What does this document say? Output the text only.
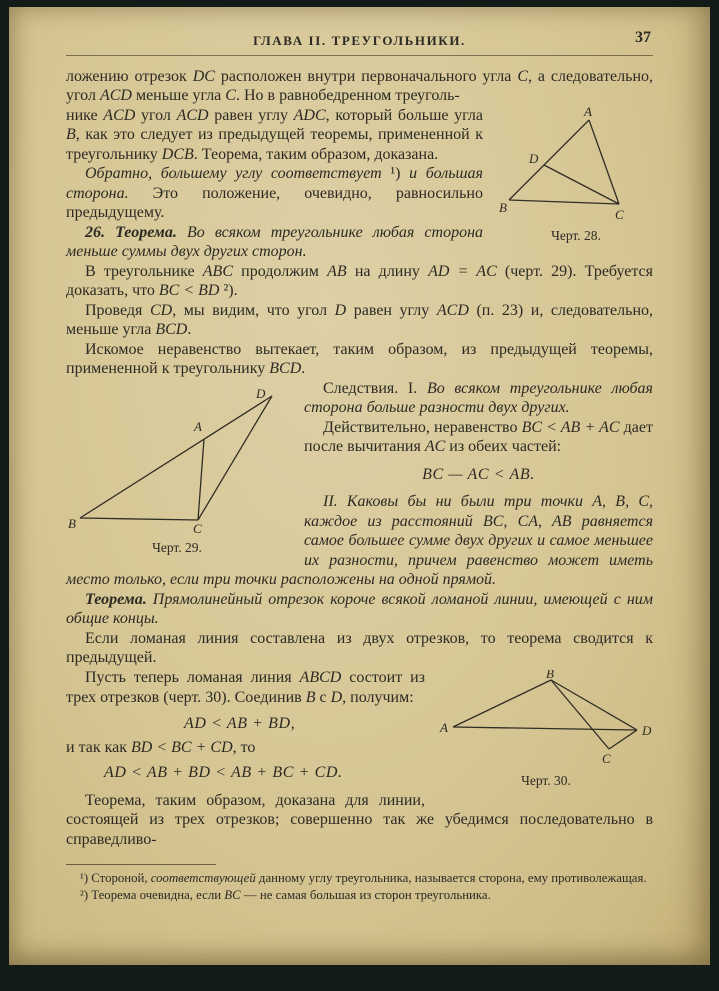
ГЛАВА II. ТРЕУГОЛЬНИКИ.	37

ложению отрезок DC расположен внутри первоначального угла C, а следовательно, угол ACD меньше угла C. Но в равнобедренном треуголь-

A
B	C
D
Черт. 28.

нике ACD угол ACD равен углу ADC, который больше угла B, как это следует из предыдущей теоремы, примененной к треугольнику DCB. Теорема, таким образом, доказана.

Обратно, большему углу соответствует ¹) и большая сторона. Это положение, очевидно, равносильно предыдущему.

26. Теорема. Во всяком треугольнике любая сторона меньше суммы двух других сторон.

В треугольнике ABC продолжим AB на длину AD = AC (черт. 29). Требуется доказать, что BC < BD ²).

Проведя CD, мы видим, что угол D равен углу ACD (п. 23) и, следовательно, меньше угла BCD.

Искомое неравенство вытекает, таким образом, из предыдущей теоремы, примененной к треугольнику BCD.

D
A
B	C
Черт. 29.

Следствия. I. Во всяком треугольнике любая сторона больше разности двух других.

Действительно, неравенство BC < AB + AC дает после вычитания AC из обеих частей:

BC — AC < AB.

II. Каковы бы ни были три точки A, B, C, каждое из расстояний BC, CA, AB равняется самое большее сумме двух других и самое меньшее их разности, причем равенство может иметь место только, если три точки расположены на одной прямой.

Теорема. Прямолинейный отрезок короче всякой ломаной линии, имеющей с ним общие концы.

Если ломаная линия составлена из двух отрезков, то теорема сводится к предыдущей.

A
B
D
C
Черт. 30.

Пусть теперь ломаная линия ABCD состоит из трех отрезков (черт. 30). Соединив B с D, получим:

AD < AB + BD,

и так как BD < BC + CD, то

AD < AB + BD < AB + BC + CD.

Теорема, таким образом, доказана для линии, состоящей из трех отрезков; совершенно так же убедимся последовательно в справедливо-

¹) Стороной, соответствующей данному углу треугольника, называется сторона, ему противолежащая.

²) Теорема очевидна, если BC — не самая большая из сторон треугольника.
